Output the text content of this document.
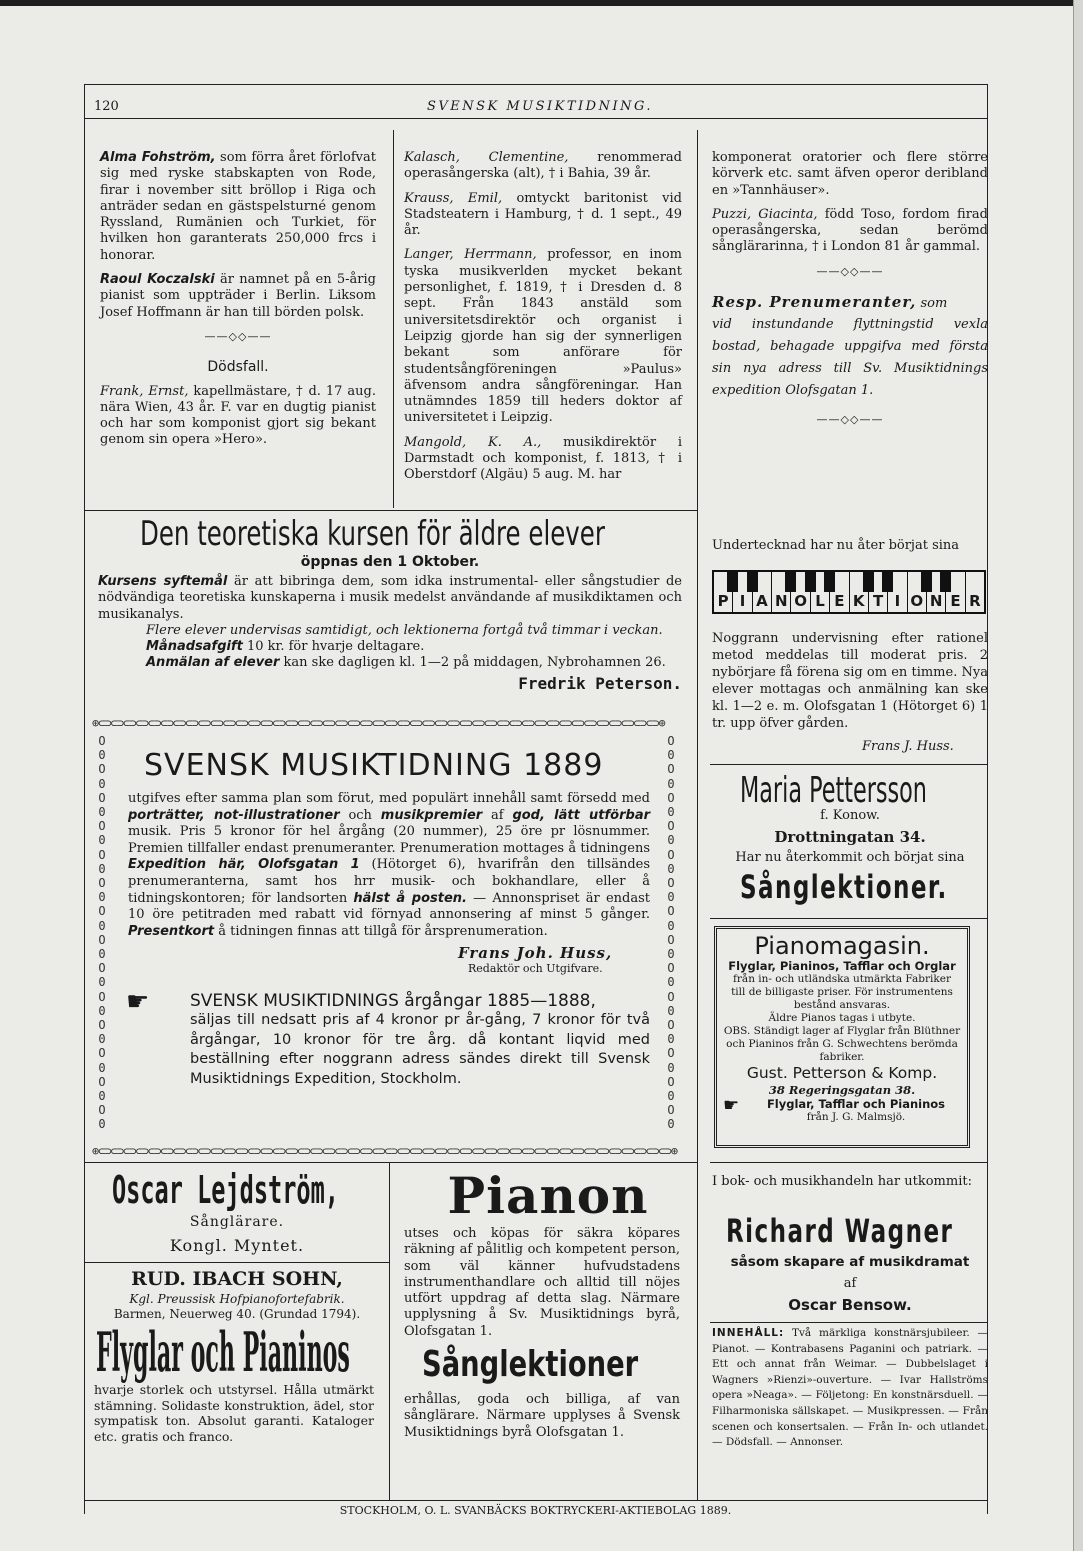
120	SVENSK MUSIKTIDNING.

Alma Fohström, som förra året förlofvat sig med ryske stabskapten von Rode, firar i november sitt bröllop i Riga och anträder sedan en gästspelsturné genom Ryssland, Rumänien och Turkiet, för hvilken hon garanterats 250,000 frcs i honorar.

Raoul Koczalski är namnet på en 5-årig pianist som uppträder i Berlin. Liksom Josef Hoffmann är han till börden polsk.

——◇◇——
Dödsfall.

Frank, Ernst, kapellmästare, † d. 17 aug. nära Wien, 43 år. F. var en dugtig pianist och har som komponist gjort sig bekant genom sin opera »Hero».

Kalasch, Clementine, renommerad operasångerska (alt), † i Bahia, 39 år.

Krauss, Emil, omtyckt baritonist vid Stadsteatern i Hamburg, † d. 1 sept., 49 år.

Langer, Herrmann, professor, en inom tyska musikverlden mycket bekant personlighet, f. 1819, † i Dresden d. 8 sept. Från 1843 anstäld som universitetsdirektör och organist i Leipzig gjorde han sig der synnerligen bekant som anförare för studentsångföreningen »Paulus» äfvensom andra sångföreningar. Han utnämndes 1859 till heders doktor af universitetet i Leipzig.

Mangold, K. A., musikdirektör i Darmstadt och komponist, f. 1813, † i Oberstdorf (Algäu) 5 aug. M. har

komponerat oratorier och flere större körverk etc. samt äfven operor deribland en »Tannhäuser».

Puzzi, Giacinta, född Toso, fordom firad operasångerska, sedan berömd sånglärarinna, † i London 81 år gammal.

——◇◇——
Resp. Prenumeranter, som
vid instundande flyttningstid vexla bostad, behagade uppgifva med första sin nya adress till Sv. Musiktidnings expedition Olofsgatan 1.
——◇◇——
Den teoretiska kursen för äldre elever
öppnas den 1 Oktober.
Kursens syftemål är att bibringa dem, som idka instrumental- eller sångstudier de nödvändiga teoretiska kunskaperna i musik medelst användande af musikdiktamen och musikanalys.
Flere elever undervisas samtidigt, och lektionerna fortgå två timmar i veckan.
Månadsafgift 10 kr. för hvarje deltagare.
Anmälan af elever kan ske dagligen kl. 1—2 på middagen, Nybrohamnen 26.
Fredrik Peterson.
⊕⊂⊃⊂⊃⊂⊃⊂⊃⊂⊃⊂⊃⊂⊃⊂⊃⊂⊃⊂⊃⊂⊃⊂⊃⊂⊃⊂⊃⊂⊃⊂⊃⊂⊃⊂⊃⊂⊃⊂⊃⊂⊃⊂⊃⊂⊃⊂⊃⊂⊃⊂⊃⊂⊃⊂⊃⊂⊃⊂⊃⊂⊃⊂⊃⊂⊃⊂⊃⊂⊃⊂⊃⊂⊃⊂⊃⊂⊃⊂⊃⊂⊃⊂⊃⊂⊃⊂⊃⊂⊃⊕
⊕⊂⊃⊂⊃⊂⊃⊂⊃⊂⊃⊂⊃⊂⊃⊂⊃⊂⊃⊂⊃⊂⊃⊂⊃⊂⊃⊂⊃⊂⊃⊂⊃⊂⊃⊂⊃⊂⊃⊂⊃⊂⊃⊂⊃⊂⊃⊂⊃⊂⊃⊂⊃⊂⊃⊂⊃⊂⊃⊂⊃⊂⊃⊂⊃⊂⊃⊂⊃⊂⊃⊂⊃⊂⊃⊂⊃⊂⊃⊂⊃⊂⊃⊂⊃⊂⊃⊂⊃⊂⊃⊂⊃⊕
O
0
O
0
O
0
O
0
O
0
O
0
O
0
O
0
O
0
O
0
O
0
O
0
O
0
O
0

O
0
O
0
O
0
O
0
O
0
O
0
O
0
O
0
O
0
O
0
O
0
O
0
O
0
O
0

SVENSK MUSIKTIDNING 1889
utgifves efter samma plan som förut, med populärt innehåll samt försedd med porträtter, not-illustrationer och musikpremier af god, lätt utförbar musik. Pris 5 kronor för hel årgång (20 nummer), 25 öre pr lösnummer. Premien tillfaller endast prenumeranter. Prenumeration mottages å tidningens Expedition här, Olofsgatan 1 (Hötorget 6), hvarifrån den tillsändes prenumeranterna, samt hos hrr musik- och bokhandlare, eller å tidningskontoren; för landsorten hälst å posten. — Annonspriset är endast 10 öre petitraden med rabatt vid förnyad annonsering af minst 5 gånger. Presentkort å tidningen finnas att tillgå för årsprenumeration.
Frans Joh. Huss,
Redaktör och Utgifvare.
☛ SVENSK MUSIKTIDNINGS årgångar 1885—1888,
säljas till nedsatt pris af 4 kronor pr år-gång, 7 kronor för två årgångar, 10 kronor för tre årg. då kontant liqvid med beställning efter noggrann adress sändes direkt till Svensk Musiktidnings Expedition, Stockholm.
Undertecknad har nu åter börjat sina
P I A N O L E K T I O N E R
Noggrann undervisning efter rationel metod meddelas till moderat pris. 2 nybörjare få förena sig om en timme. Nya elever mottagas och anmälning kan ske kl. 1—2 e. m. Olofsgatan 1 (Hötorget 6) 1 tr. upp öfver gården.
Frans J. Huss.
Maria Pettersson
f. Konow.
Drottningatan 34.
Har nu återkommit och börjat sina
Sånglektioner.
Pianomagasin.
Flyglar, Pianinos, Tafflar och Orglar
från in- och utländska utmärkta Fabriker
till de billigaste priser. För instrumentens bestånd ansvaras.
Äldre Pianos tagas i utbyte.
OBS. Ständigt lager af Flyglar från Blüthner och Pianinos från G. Schwechtens berömda fabriker.
Gust. Petterson & Komp.
38 Regeringsgatan 38.
☛	Flyglar, Tafflar och Pianinos
från J. G. Malmsjö.
I bok- och musikhandeln har utkommit:
Richard Wagner
såsom skapare af musikdramat
af
Oscar Bensow.
INNEHÅLL: Två märkliga konstnärsjubileer. — Pianot. — Kontrabasens Paganini och patriark. — Ett och annat från Weimar. — Dubbelslaget i Wagners »Rienzi»-ouverture. — Ivar Hallströms opera »Neaga». — Följetong: En konstnärsduell. — Filharmoniska sällskapet. — Musikpressen. — Från scenen och konsertsalen. — Från In- och utlandet. — Dödsfall. — Annonser.
Oscar Lejdström,
Sånglärare.
Kongl. Myntet.
RUD. IBACH SOHN,
Kgl. Preussisk Hofpianofortefabrik.
Barmen, Neuerweg 40. (Grundad 1794).
Flyglar och Pianinos
hvarje storlek och utstyrsel. Hålla utmärkt stämning. Solidaste konstruktion, ädel, stor sympatisk ton. Absolut garanti. Kataloger etc. gratis och franco.
Pianon
utses och köpas för säkra köpares räkning af pålitlig och kompetent person, som väl känner hufvudstadens instrumenthandlare och alltid till nöjes utfört uppdrag af detta slag. Närmare upplysning å Sv. Musiktidnings byrå, Olofsgatan 1.
Sånglektioner
erhållas, goda och billiga, af van sånglärare. Närmare upplyses å Svensk Musiktidnings byrå Olofsgatan 1.
STOCKHOLM, O. L. SVANBÄCKS BOKTRYCKERI-AKTIEBOLAG 1889.
